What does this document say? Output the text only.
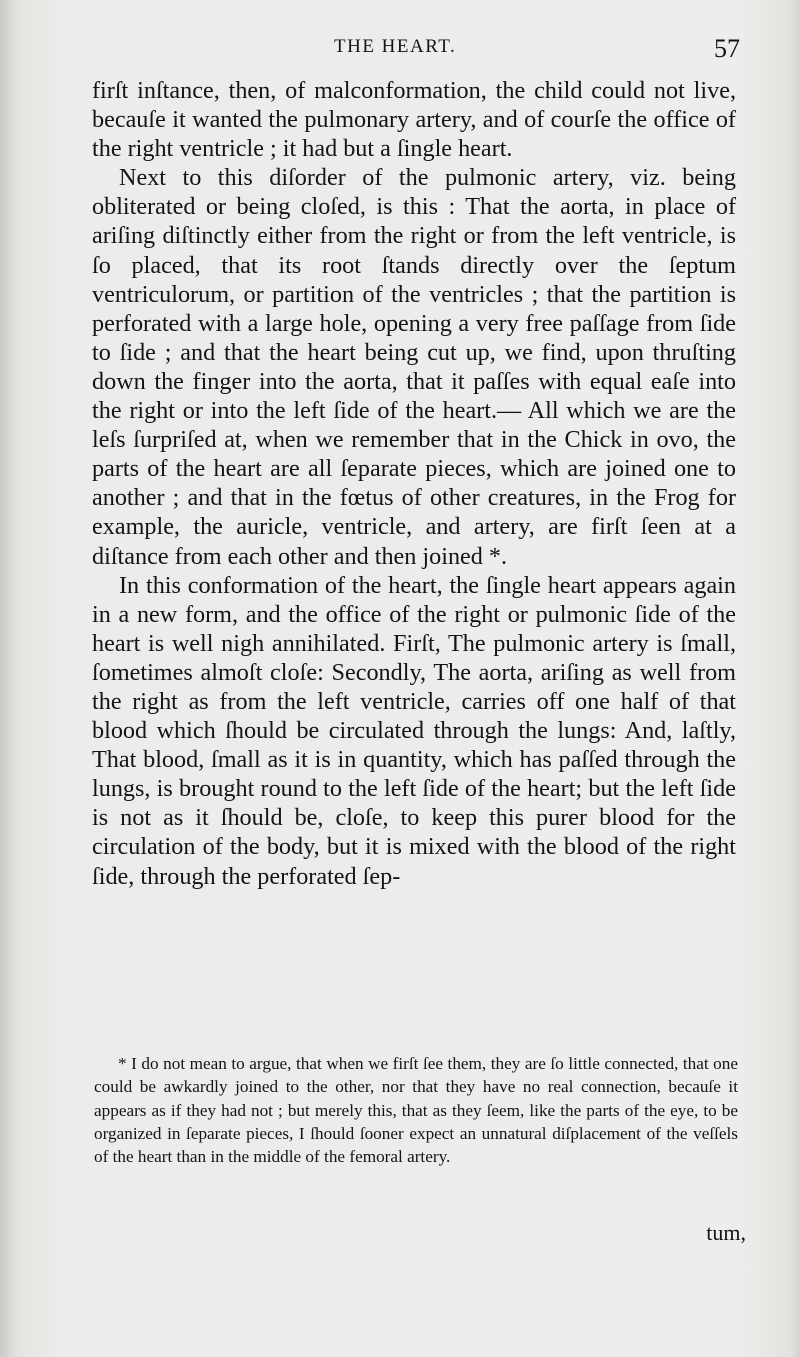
THE HEART.	57

firſt inſtance, then, of malconformation, the child could not live, becauſe it wanted the pulmonary artery, and of courſe the office of the right ventricle ; it had but a ſingle heart.

Next to this diſorder of the pulmonic artery, viz. being obliterated or being cloſed, is this : That the aorta, in place of ariſing diſtinctly either from the right or from the left ventricle, is ſo placed, that its root ſtands directly over the ſeptum ventriculorum, or partition of the ventricles ; that the partition is perforated with a large hole, opening a very free paſſage from ſide to ſide ; and that the heart being cut up, we find, upon thruſting down the finger into the aorta, that it paſſes with equal eaſe into the right or into the left ſide of the heart.— All which we are the leſs ſurpriſed at, when we remember that in the Chick in ovo, the parts of the heart are all ſeparate pieces, which are joined one to another ; and that in the fœtus of other creatures, in the Frog for example, the auricle, ventricle, and artery, are firſt ſeen at a diſtance from each other and then joined *.

In this conformation of the heart, the ſingle heart appears again in a new form, and the office of the right or pulmonic ſide of the heart is well nigh annihilated. Firſt, The pulmonic artery is ſmall, ſometimes almoſt cloſe: Secondly, The aorta, ariſing as well from the right as from the left ventricle, carries off one half of that blood which ſhould be circulated through the lungs: And, laſtly, That blood, ſmall as it is in quantity, which has paſſed through the lungs, is brought round to the left ſide of the heart; but the left ſide is not as it ſhould be, cloſe, to keep this purer blood for the circulation of the body, but it is mixed with the blood of the right ſide, through the perforated ſep-

* I do not mean to argue, that when we firſt ſee them, they are ſo little connected, that one could be awkardly joined to the other, nor that they have no real connection, becauſe it appears as if they had not ; but merely this, that as they ſeem, like the parts of the eye, to be organized in ſeparate pieces, I ſhould ſooner expect an unnatural diſplacement of the veſſels of the heart than in the middle of the femoral artery.

tum,
